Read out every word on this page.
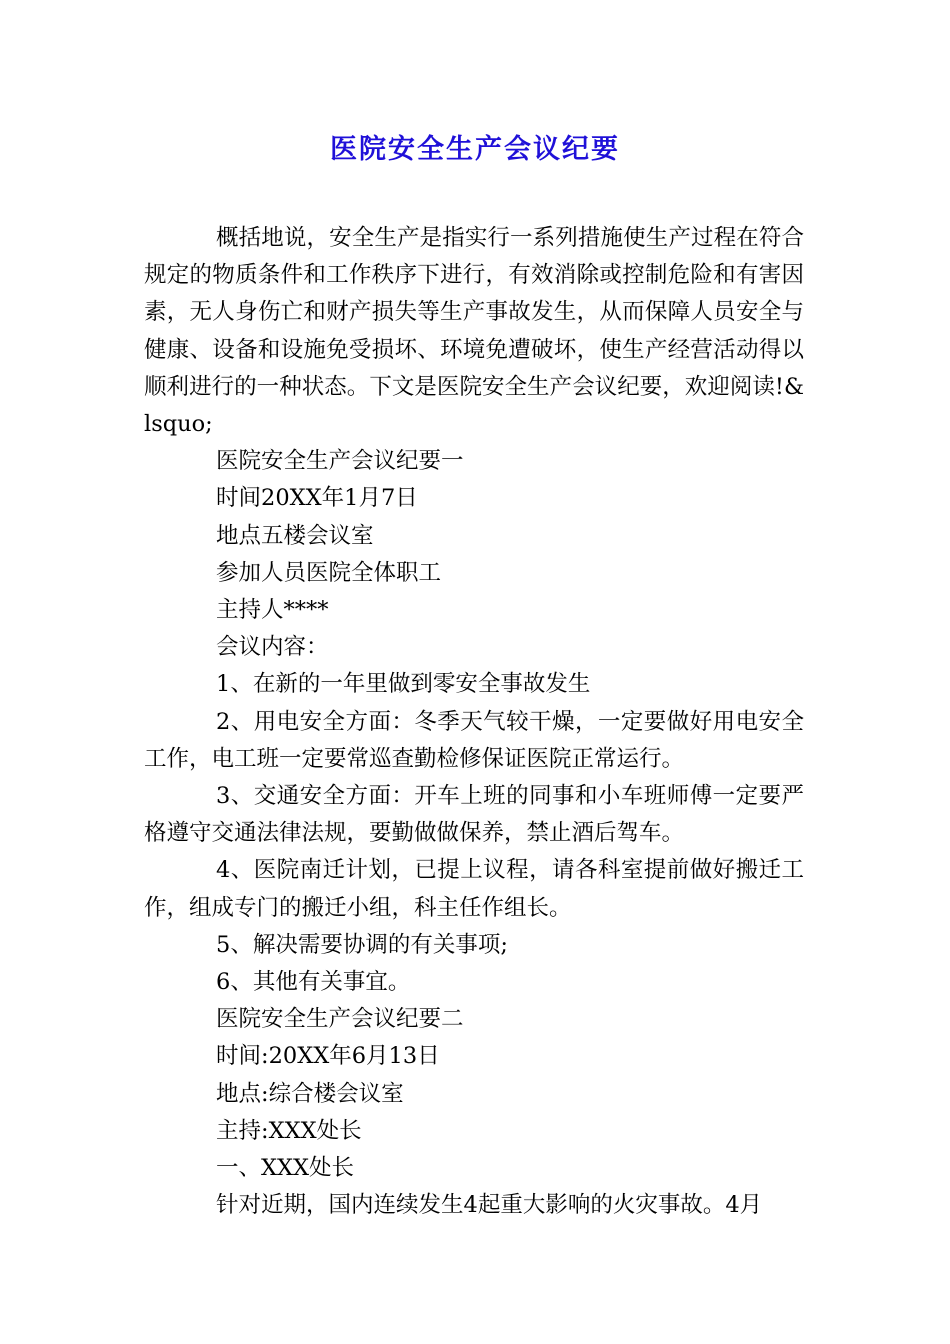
医院安全生产会议纪要

概括地说，安全生产是指实行一系列措施使生产过程在符合规定的物质条件和工作秩序下进行，有效消除或控制危险和有害因素，无人身伤亡和财产损失等生产事故发生，从而保障人员安全与健康、设备和设施免受损坏、环境免遭破坏，使生产经营活动得以顺利进行的一种状态。下文是医院安全生产会议纪要，欢迎阅读!&lsquo;

医院安全生产会议纪要一

时间20XX年1月7日

地点五楼会议室

参加人员医院全体职工

主持人****

会议内容：

1、在新的一年里做到零安全事故发生

2、用电安全方面：冬季天气较干燥，一定要做好用电安全工作，电工班一定要常巡查勤检修保证医院正常运行。

3、交通安全方面：开车上班的同事和小车班师傅一定要严格遵守交通法律法规，要勤做做保养，禁止酒后驾车。

4、医院南迁计划，已提上议程，请各科室提前做好搬迁工作，组成专门的搬迁小组，科主任作组长。

5、解决需要协调的有关事项;

6、其他有关事宜。

医院安全生产会议纪要二

时间:20XX年6月13日

地点:综合楼会议室

主持:XXX处长

一、XXX处长

针对近期，国内连续发生4起重大影响的火灾事故。4月
